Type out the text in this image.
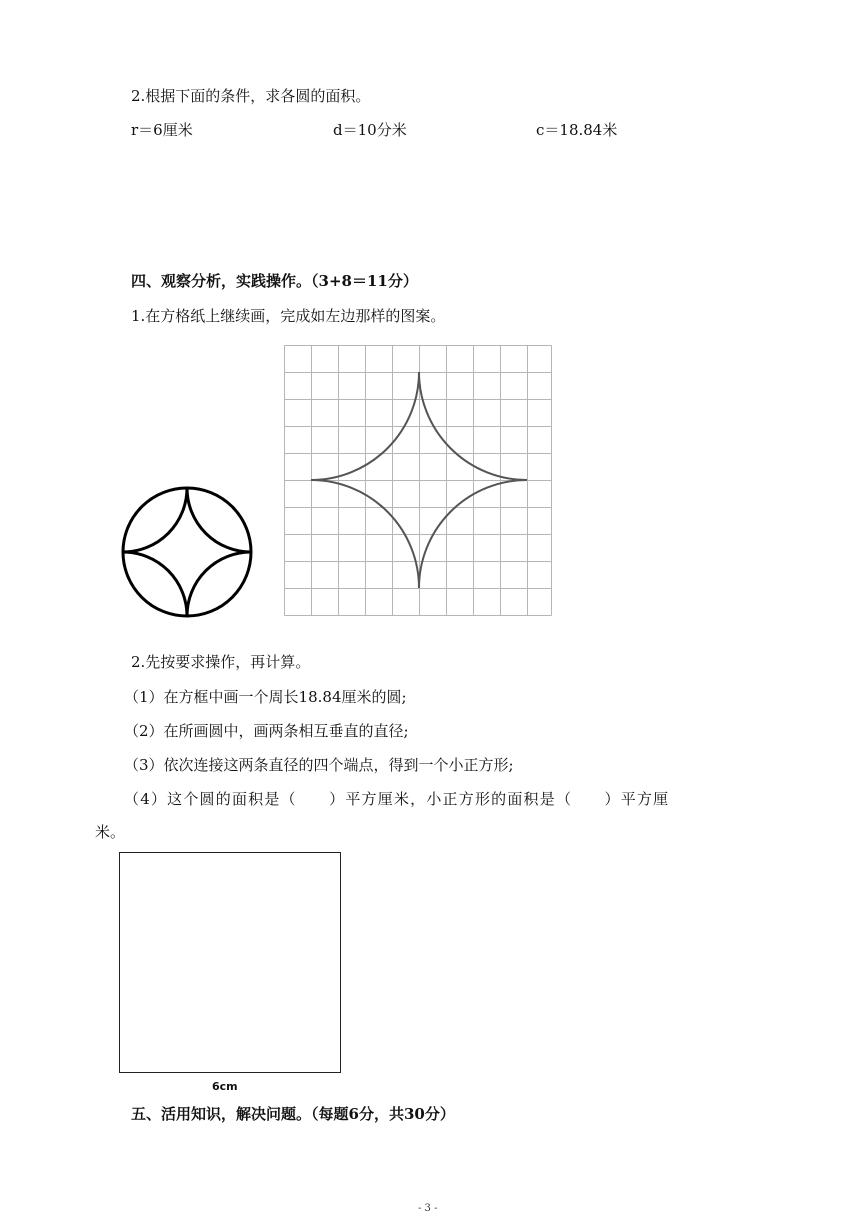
2.根据下面的条件，求各圆的面积。
r＝6厘米	d＝10分米	c＝18.84米
四、观察分析，实践操作。（3+8＝11分）
1.在方格纸上继续画，完成如左边那样的图案。
2.先按要求操作，再计算。
（1）在方框中画一个周长18.84厘米的圆;
（2）在所画圆中，画两条相互垂直的直径;
（3）依次连接这两条直径的四个端点，得到一个小正方形;
（4）这个圆的面积是（　　）平方厘米，小正方形的面积是（　　）平方厘
米。
6cm
五、活用知识，解决问题。（每题6分，共30分）
- 3 -
